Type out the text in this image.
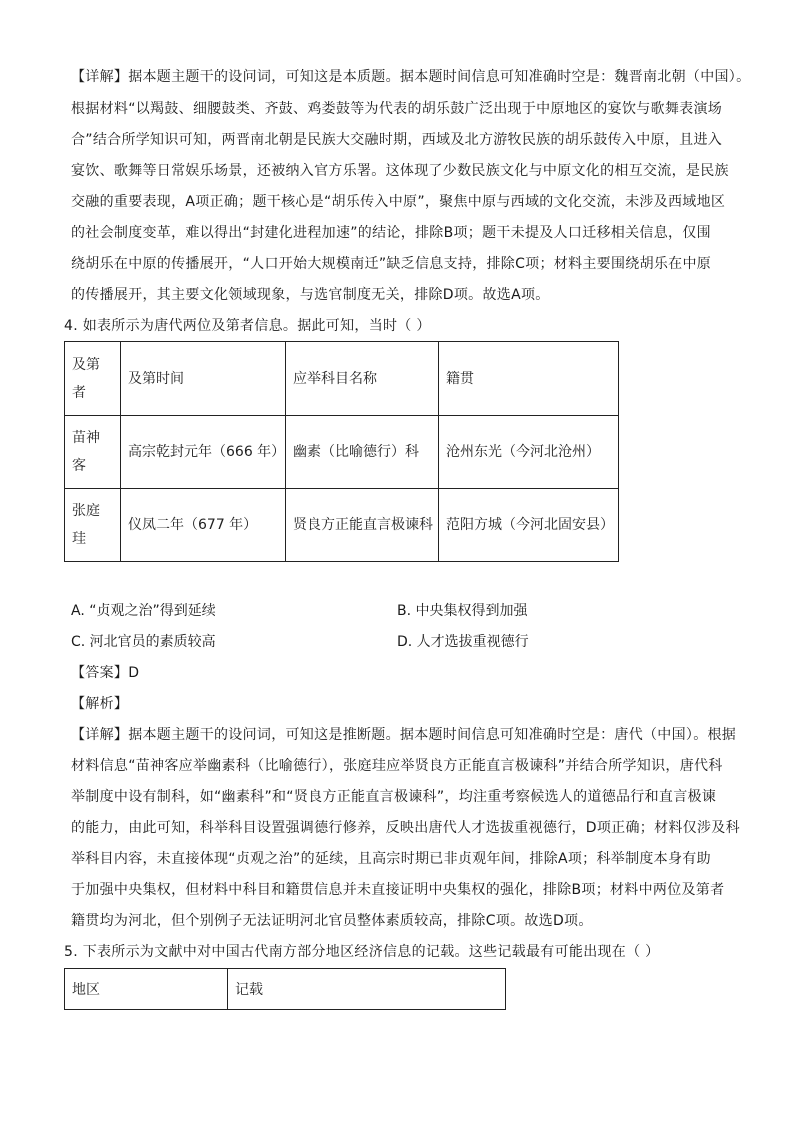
【详解】据本题主题干的设问词，可知这是本质题。据本题时间信息可知准确时空是：魏晋南北朝（中国）。
根据材料“以羯鼓、细腰鼓类、齐鼓、鸡娄鼓等为代表的胡乐鼓广泛出现于中原地区的宴饮与歌舞表演场
合”结合所学知识可知，两晋南北朝是民族大交融时期，西域及北方游牧民族的胡乐鼓传入中原，且进入
宴饮、歌舞等日常娱乐场景，还被纳入官方乐署。这体现了少数民族文化与中原文化的相互交流，是民族
交融的重要表现，A项正确；题干核心是“胡乐传入中原”，聚焦中原与西域的文化交流，未涉及西域地区
的社会制度变革，难以得出“封建化进程加速”的结论，排除B项；题干未提及人口迁移相关信息，仅围
绕胡乐在中原的传播展开，“人口开始大规模南迁”缺乏信息支持，排除C项；材料主要围绕胡乐在中原
的传播展开，其主要文化领域现象，与选官制度无关，排除D项。故选A项。
4. 如表所示为唐代两位及第者信息。据此可知，当时（ ）
及第者	及第时间	应举科目名称	籍贯

苗神客	高宗乾封元年（666 年）	幽素（比喻德行）科	沧州东光（今河北沧州）

张庭珪	仪凤二年（677 年）	贤良方正能直言极谏科	范阳方城（今河北固安县）
A. “贞观之治”得到延续	B. 中央集权得到加强
C. 河北官员的素质较高	D. 人才选拔重视德行
【答案】D
【解析】
【详解】据本题主题干的设问词，可知这是推断题。据本题时间信息可知准确时空是：唐代（中国）。根据
材料信息“苗神客应举幽素科（比喻德行），张庭珪应举贤良方正能直言极谏科”并结合所学知识，唐代科
举制度中设有制科，如“幽素科”和“贤良方正能直言极谏科”，均注重考察候选人的道德品行和直言极谏
的能力，由此可知，科举科目设置强调德行修养，反映出唐代人才选拔重视德行，D项正确；材料仅涉及科
举科目内容，未直接体现“贞观之治”的延续，且高宗时期已非贞观年间，排除A项；科举制度本身有助
于加强中央集权，但材料中科目和籍贯信息并未直接证明中央集权的强化，排除B项；材料中两位及第者
籍贯均为河北，但个别例子无法证明河北官员整体素质较高，排除C项。故选D项。
5. 下表所示为文献中对中国古代南方部分地区经济信息的记载。这些记载最有可能出现在（ ）
地区	记载
